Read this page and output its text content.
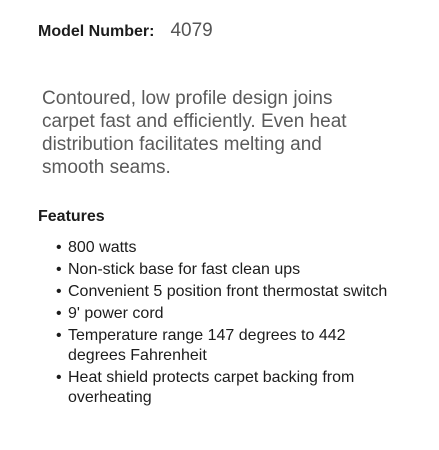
Model Number: 4079

Contoured, low profile design joins carpet fast and efficiently. Even heat distribution facilitates melting and smooth seams.

Features
• 800 watts
• Non-stick base for fast clean ups
• Convenient 5 position front thermostat switch
• 9' power cord
• Temperature range 147 degrees to 442 degrees Fahrenheit
• Heat shield protects carpet backing from overheating
